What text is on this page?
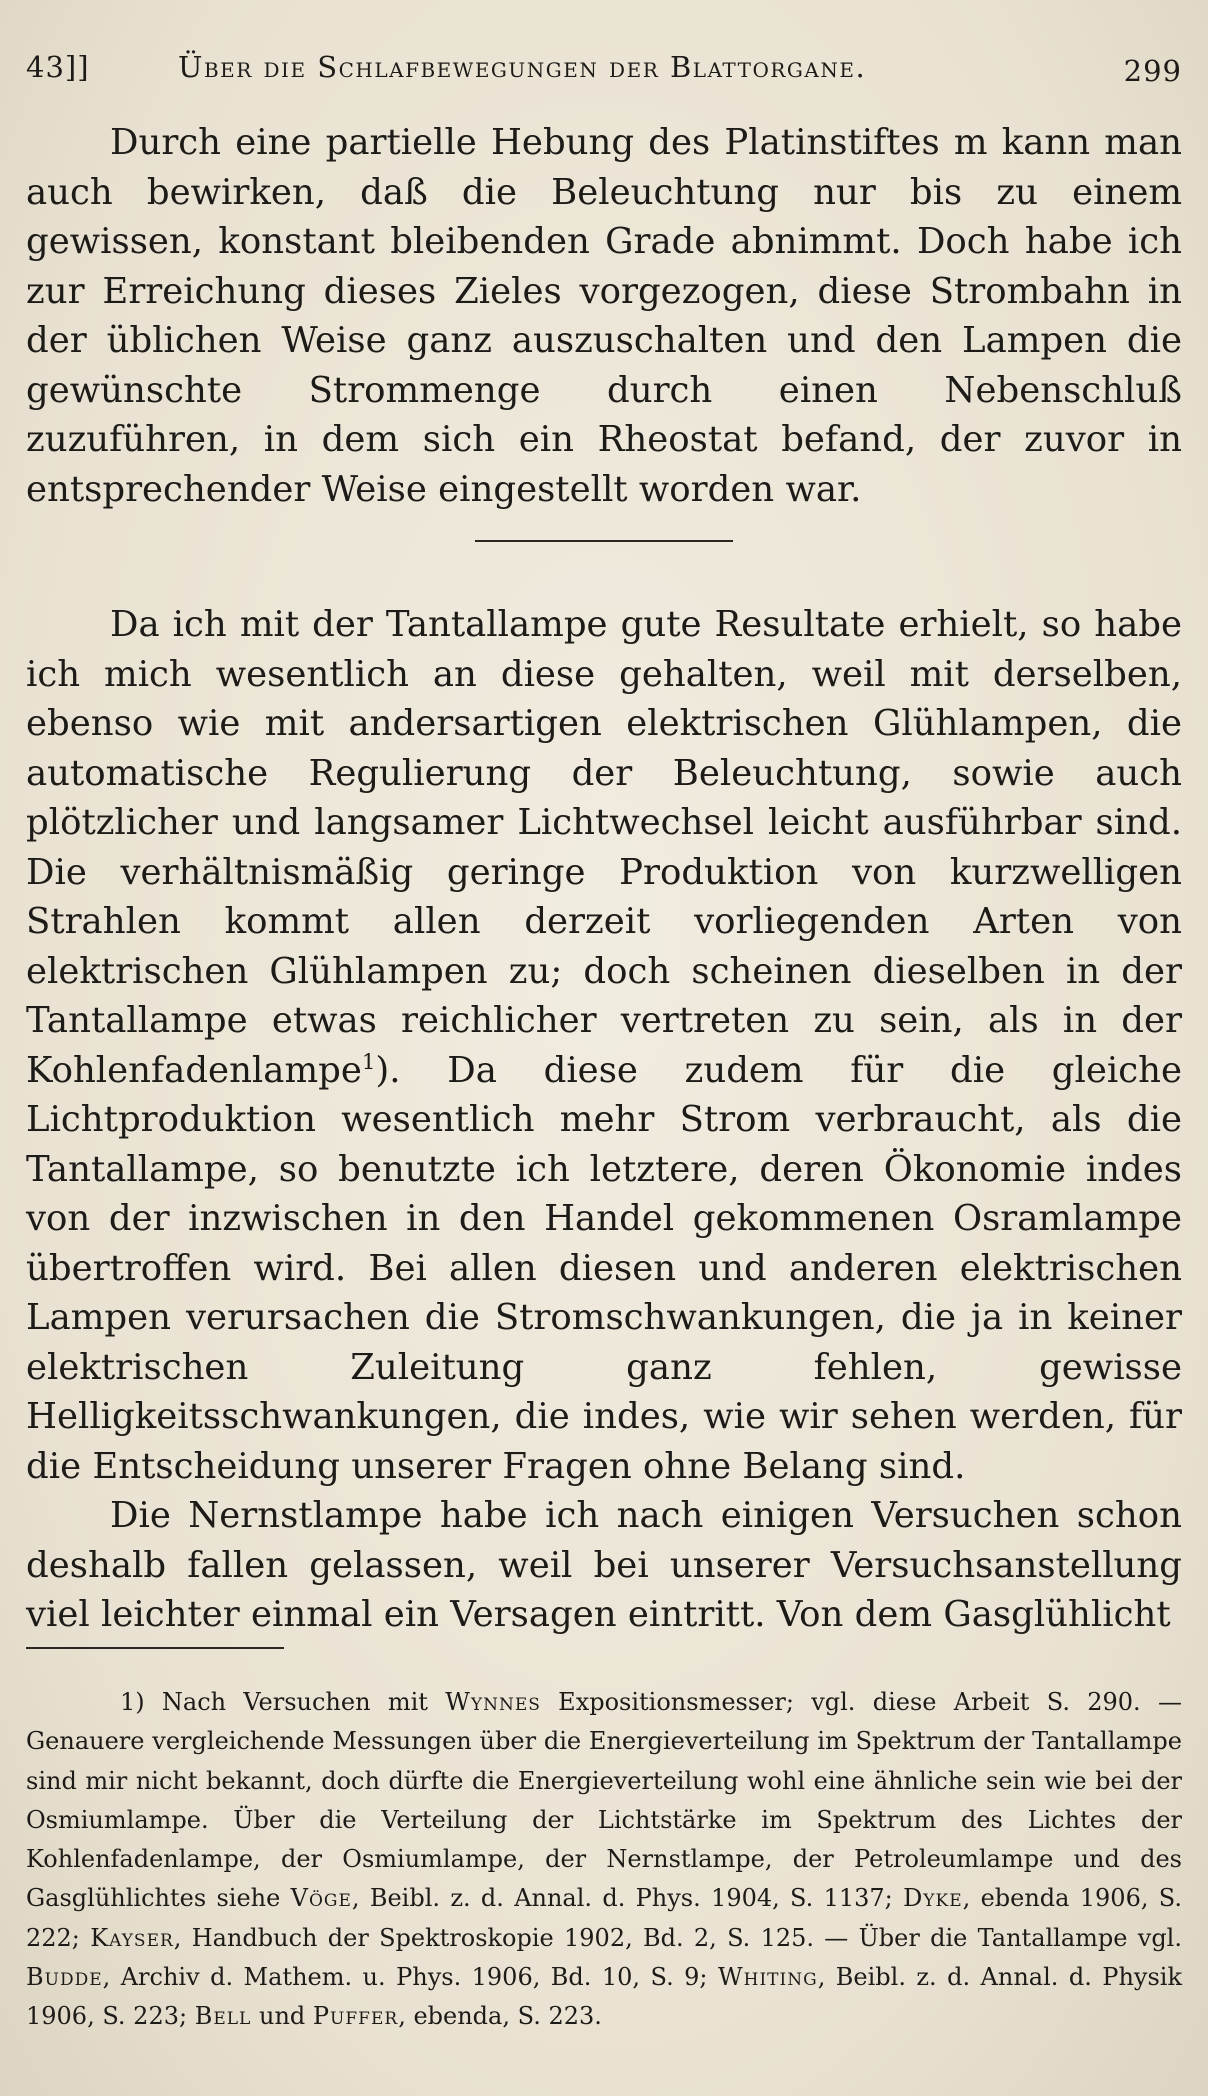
43]]	Über die Schlafbewegungen der Blattorgane.	299

Durch eine partielle Hebung des Platinstiftes m kann man auch bewirken, daß die Beleuchtung nur bis zu einem gewissen, konstant bleibenden Grade abnimmt. Doch habe ich zur Erreichung dieses Zieles vorgezogen, diese Strombahn in der üblichen Weise ganz auszuschalten und den Lampen die gewünschte Strommenge durch einen Nebenschluß zuzuführen, in dem sich ein Rheostat befand, der zuvor in entsprechender Weise eingestellt worden war.

Da ich mit der Tantallampe gute Resultate erhielt, so habe ich mich wesentlich an diese gehalten, weil mit derselben, ebenso wie mit andersartigen elektrischen Glühlampen, die automatische Regulierung der Beleuchtung, sowie auch plötzlicher und langsamer Lichtwechsel leicht ausführbar sind. Die verhältnismäßig geringe Produktion von kurzwelligen Strahlen kommt allen derzeit vorliegenden Arten von elektrischen Glühlampen zu; doch scheinen dieselben in der Tantallampe etwas reichlicher vertreten zu sein, als in der Kohlenfadenlampe$^1$). Da diese zudem für die gleiche Lichtproduktion wesentlich mehr Strom verbraucht, als die Tantallampe, so benutzte ich letztere, deren Ökonomie indes von der inzwischen in den Handel gekommenen Osramlampe übertroffen wird. Bei allen diesen und anderen elektrischen Lampen verursachen die Stromschwankungen, die ja in keiner elektrischen Zuleitung ganz fehlen, gewisse Helligkeitsschwankungen, die indes, wie wir sehen werden, für die Entscheidung unserer Fragen ohne Belang sind.

Die Nernstlampe habe ich nach einigen Versuchen schon deshalb fallen gelassen, weil bei unserer Versuchsanstellung viel leichter einmal ein Versagen eintritt. Von dem Gasglühlicht

1) Nach Versuchen mit Wynnes Expositionsmesser; vgl. diese Arbeit S. 290. — Genauere vergleichende Messungen über die Energieverteilung im Spektrum der Tantallampe sind mir nicht bekannt, doch dürfte die Energieverteilung wohl eine ähnliche sein wie bei der Osmiumlampe. Über die Verteilung der Lichtstärke im Spektrum des Lichtes der Kohlenfadenlampe, der Osmiumlampe, der Nernstlampe, der Petroleumlampe und des Gasglühlichtes siehe Vöge, Beibl. z. d. Annal. d. Phys. 1904, S. 1137; Dyke, ebenda 1906, S. 222; Kayser, Handbuch der Spektroskopie 1902, Bd. 2, S. 125. — Über die Tantallampe vgl. Budde, Archiv d. Mathem. u. Phys. 1906, Bd. 10, S. 9; Whiting, Beibl. z. d. Annal. d. Physik 1906, S. 223; Bell und Puffer, ebenda, S. 223.
